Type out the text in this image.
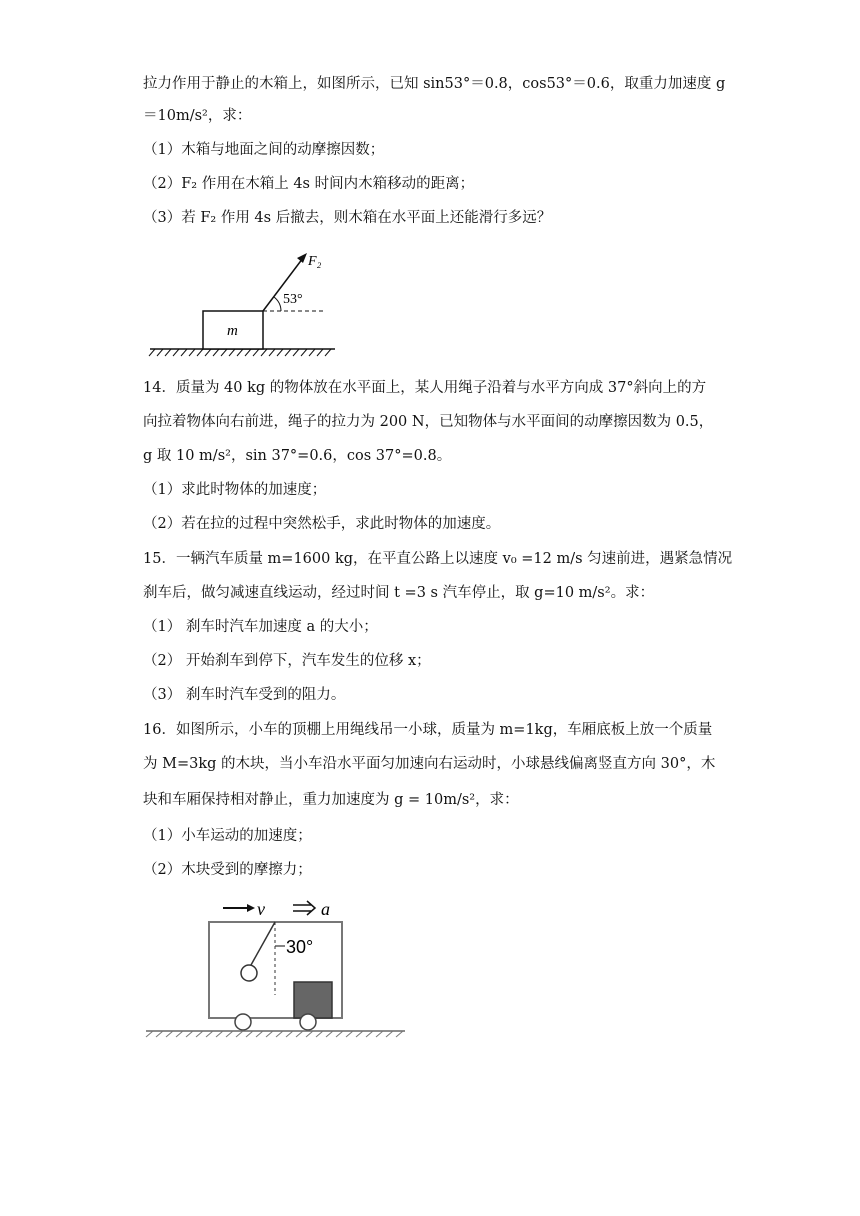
拉力作用于静止的木箱上，如图所示，已知 sin53°＝0.8，cos53°＝0.6，取重力加速度 g
＝10m/s²，求：
（1）木箱与地面之间的动摩擦因数；
（2）F₂ 作用在木箱上 4s 时间内木箱移动的距离；
（3）若 F₂ 作用 4s 后撤去，则木箱在水平面上还能滑行多远？
14．质量为 40 kg 的物体放在水平面上，某人用绳子沿着与水平方向成 37°斜向上的方
向拉着物体向右前进，绳子的拉力为 200 N，已知物体与水平面间的动摩擦因数为 0.5，
g 取 10 m/s²，sin 37°=0.6，cos 37°=0.8。
（1）求此时物体的加速度；
（2）若在拉的过程中突然松手，求此时物体的加速度。
15．一辆汽车质量 m=1600 kg，在平直公路上以速度 v₀ =12 m/s 匀速前进，遇紧急情况
刹车后，做匀减速直线运动，经过时间 t =3 s 汽车停止，取 g=10 m/s²。求：
（1） 刹车时汽车加速度 a 的大小；
（2） 开始刹车到停下，汽车发生的位移 x；
（3） 刹车时汽车受到的阻力。
16．如图所示，小车的顶棚上用绳线吊一小球，质量为 m=1kg，车厢底板上放一个质量
为 M=3kg 的木块，当小车沿水平面匀加速向右运动时，小球悬线偏离竖直方向 30°，木
块和车厢保持相对静止，重力加速度为 g = 10m/s²，求：
（1）小车运动的加速度；
（2）木块受到的摩擦力；
m
53°
F₂
v	a
30°
